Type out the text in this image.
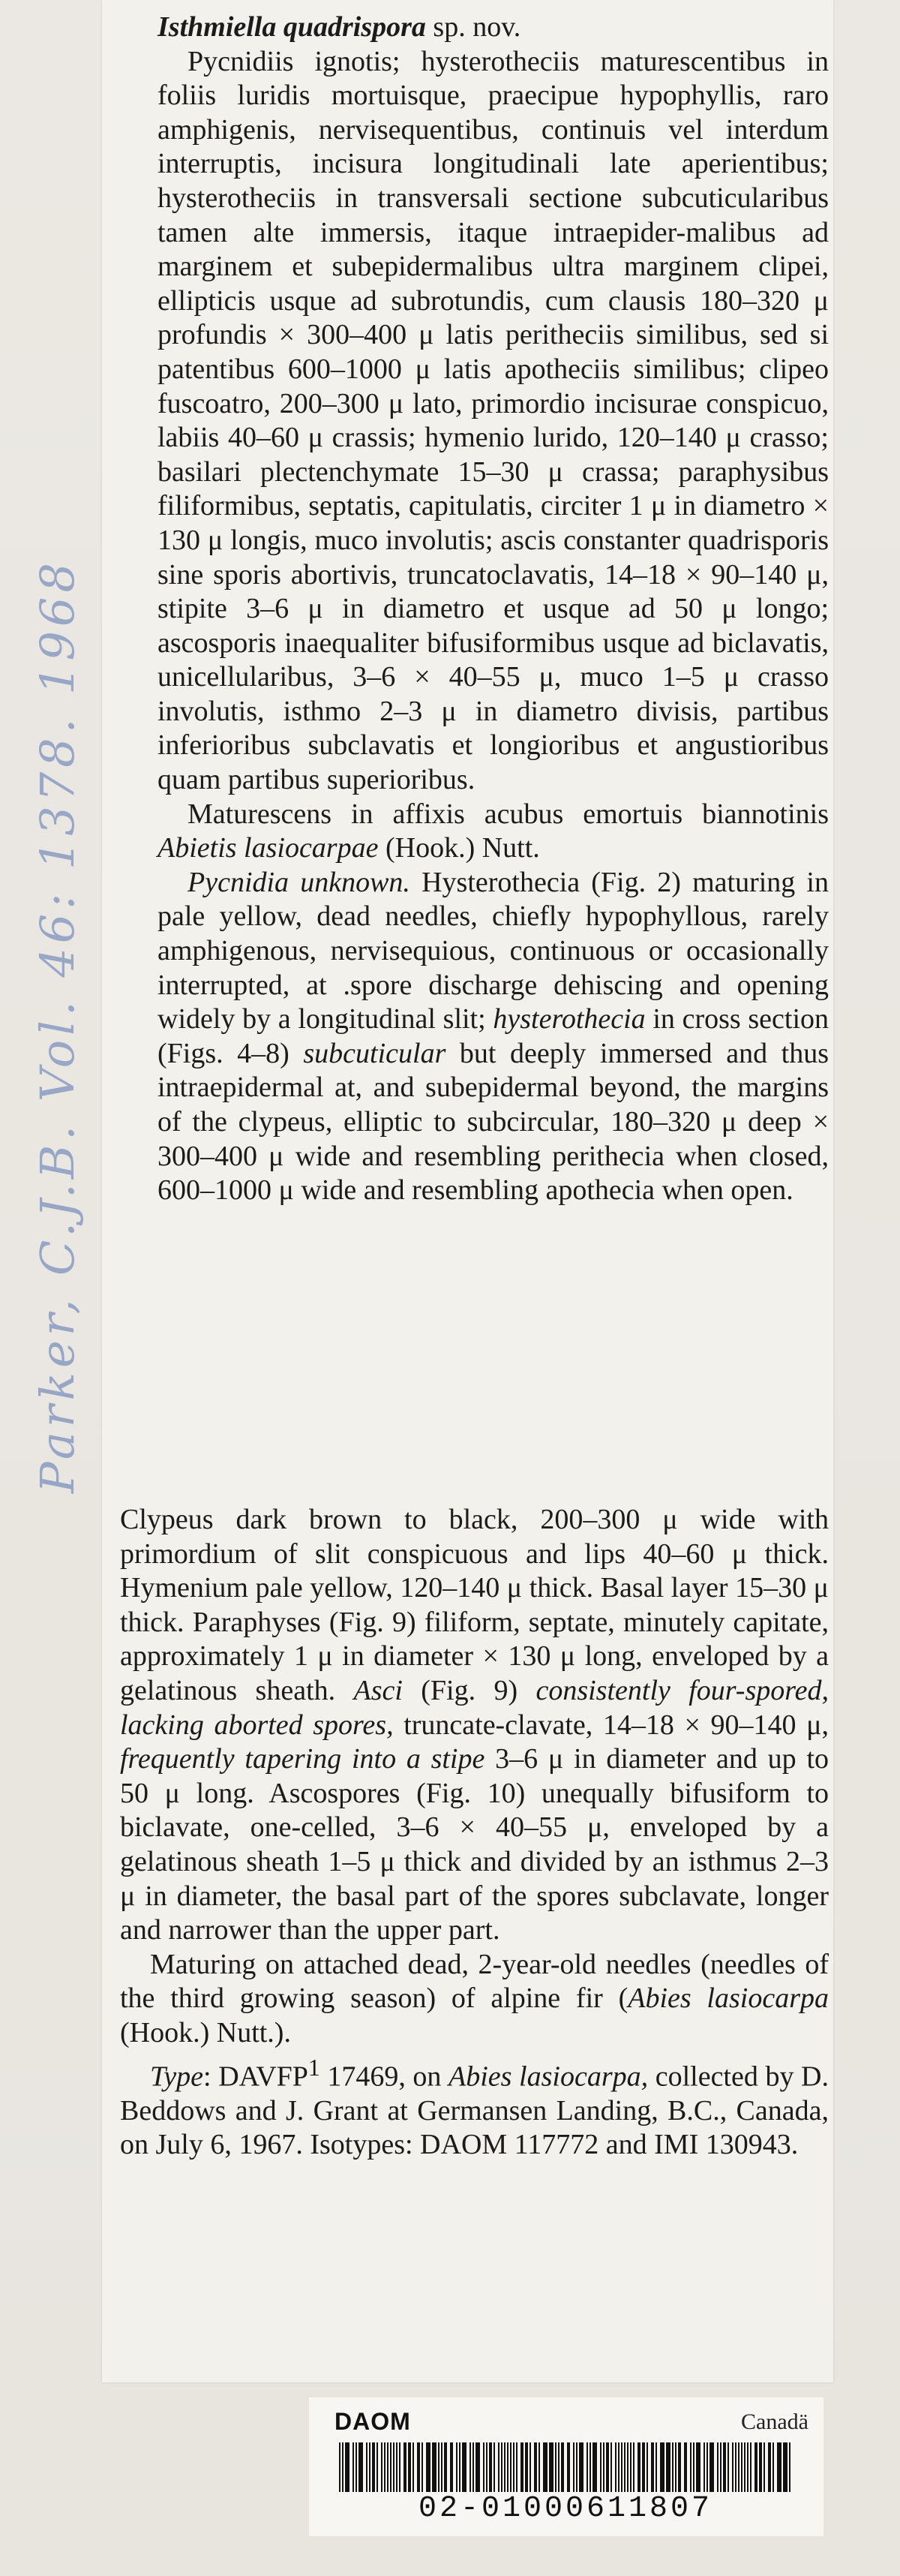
Parker, C.J.B. Vol. 46: 1378. 1968

Isthmiella quadrispora sp. nov.

Pycnidiis ignotis; hysterotheciis maturescentibus in foliis luridis mortuisque, praecipue hypophyllis, raro amphigenis, nervisequentibus, continuis vel interdum interruptis, incisura longitudinali late aperientibus; hysterotheciis in transversali sectione subcuticularibus tamen alte immersis, itaque intraepider-malibus ad marginem et subepidermalibus ultra marginem clipei, ellipticis usque ad subrotundis, cum clausis 180–320 μ profundis × 300–400 μ latis peritheciis similibus, sed si patentibus 600–1000 μ latis apotheciis similibus; clipeo fuscoatro, 200–300 μ lato, primordio incisurae conspicuo, labiis 40–60 μ crassis; hymenio lurido, 120–140 μ crasso; basilari plectenchymate 15–30 μ crassa; paraphysibus filiformibus, septatis, capitulatis, circiter 1 μ in diametro × 130 μ longis, muco involutis; ascis constanter quadrisporis sine sporis abortivis, truncatoclavatis, 14–18 × 90–140 μ, stipite 3–6 μ in diametro et usque ad 50 μ longo; ascosporis inaequaliter bifusiformibus usque ad biclavatis, unicellularibus, 3–6 × 40–55 μ, muco 1–5 μ crasso involutis, isthmo 2–3 μ in diametro divisis, partibus inferioribus subclavatis et longioribus et angustioribus quam partibus superioribus.

Maturescens in affixis acubus emortuis biannotinis Abietis lasiocarpae (Hook.) Nutt.

Pycnidia unknown. Hysterothecia (Fig. 2) maturing in pale yellow, dead needles, chiefly hypophyllous, rarely amphigenous, nervisequious, continuous or occasionally interrupted, at .spore discharge dehiscing and opening widely by a longitudinal slit; hysterothecia in cross section (Figs. 4–8) subcuticular but deeply immersed and thus intraepidermal at, and subepidermal beyond, the margins of the clypeus, elliptic to subcircular, 180–320 μ deep × 300–400 μ wide and resembling perithecia when closed, 600–1000 μ wide and resembling apothecia when open.

Clypeus dark brown to black, 200–300 μ wide with primordium of slit conspicuous and lips 40–60 μ thick. Hymenium pale yellow, 120–140 μ thick. Basal layer 15–30 μ thick. Paraphyses (Fig. 9) filiform, septate, minutely capitate, approximately 1 μ in diameter × 130 μ long, enveloped by a gelatinous sheath. Asci (Fig. 9) consistently four-spored, lacking aborted spores, truncate-clavate, 14–18 × 90–140 μ, frequently tapering into a stipe 3–6 μ in diameter and up to 50 μ long. Ascospores (Fig. 10) unequally bifusiform to biclavate, one-celled, 3–6 × 40–55 μ, enveloped by a gelatinous sheath 1–5 μ thick and divided by an isthmus 2–3 μ in diameter, the basal part of the spores subclavate, longer and narrower than the upper part.

Maturing on attached dead, 2-year-old needles (needles of the third growing season) of alpine fir (Abies lasiocarpa (Hook.) Nutt.).

Type: DAVFP$^1$ 17469, on Abies lasiocarpa, collected by D. Beddows and J. Grant at Germansen Landing, B.C., Canada, on July 6, 1967. Isotypes: DAOM 117772 and IMI 130943.

DAOM	Canadä
02-01000611807
